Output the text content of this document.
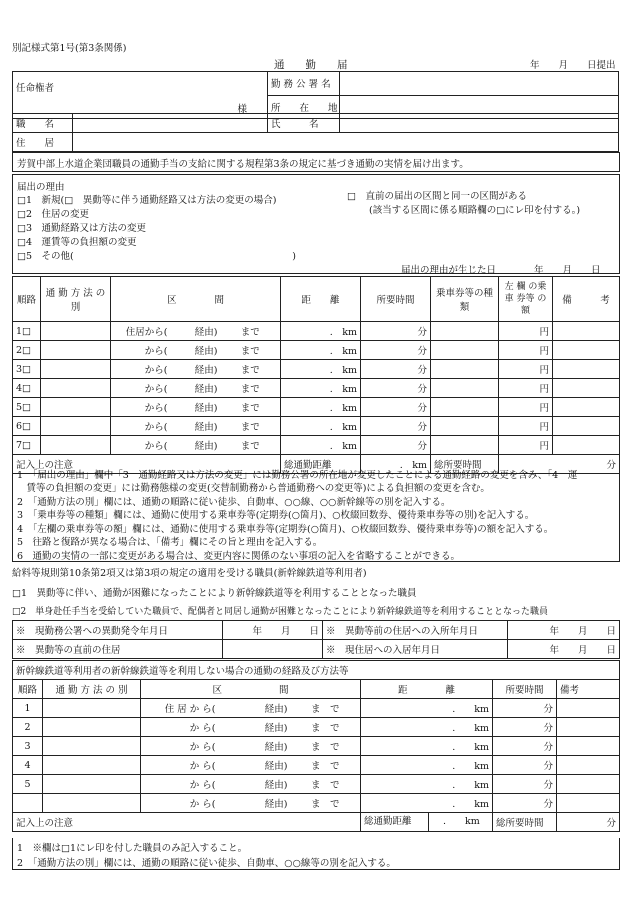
別記様式第1号(第3条関係)
通　　勤　　届	年　　月　　日提出
任命権者
様	勤 務 公 署 名	
	所　　在　　地	
職　　名		氏　　　名	
住　　居			
芳賀中部上水道企業団職員の通勤手当の支給に関する規程第3条の規定に基づき通勤の実情を届け出ます。
届出の理由
□1　新規(□　異動等に伴う通勤経路又は方法の変更の場合)
□2　住居の変更
□3　通勤経路又は方法の変更
□4　運賃等の負担額の変更
□5　その他(　　　　　　　　　　　　　　　　　　　　　　　)
□　直前の届出の区間と同一の区間がある
(該当する区間に係る順路欄の□にレ印を付する。)
届出の理由が生じた日　　　　年　　月　　日
順路	通 勤 方 法 の　　　別	区　　　　間			距　　離	所要時間	乗車券等の種　　類	左 欄 の乗 車 券等 の 額	備　　　考
1□		住居から(	経由)	まで	.　km	分		円	
2□		から(	経由)	まで	.　km	分		円	
3□		から(	経由)	まで	.　km	分		円	
4□		から(	経由)	まで	.　km	分		円	
5□		から(	経由)	まで	.　km	分		円	
6□		から(	経由)	まで	.　km	分		円	
7□		から(	経由)	まで	.　km	分		円	
記入上の注意					総通勤距離	.　km	総所要時間	分	
1　「届出の理由」欄中「3　通勤経路又は方法の変更」には勤務公署の所在地が変更したことによる通勤経路の変更を含み、「4　運
　賃等の負担額の変更」には勤務態様の変更(交替制勤務から普通勤務への変更等)による負担額の変更を含む。
2　「通勤方法の別」欄には、通勤の順路に従い徒歩、自動車、○○線、○○新幹線等の別を記入する。
3　「乗車券等の種類」欄には、通勤に使用する乗車券等(定期券(○箇月)、○枚綴回数券、優待乗車券等の別)を記入する。
4　「左欄の乗車券等の額」欄には、通勤に使用する乗車券等(定期券(○箇月)、○枚綴回数券、優待乗車券等)の額を記入する。
5　往路と復路が異なる場合は、「備考」欄にその旨と理由を記入する。
6　通勤の実情の一部に変更がある場合は、変更内容に関係のない事項の記入を省略することができる。
給料等規則第10条第2項又は第3項の規定の適用を受ける職員(新幹線鉄道等利用者)
□1　異動等に伴い、通勤が困難になったことにより新幹線鉄道等を利用することとなった職員
□2　単身赴任手当を受給していた職員で、配偶者と同居し通勤が困難となったことにより新幹線鉄道等を利用することとなった職員
※　現勤務公署への異動発令年月日	年　　月　　日	※　異動等前の住居への入所年月日	年　　月　　日
※　異動等の直前の住居		※　現住居への入居年月日	年　　月　　日
新幹線鉄道等利用者の新幹線鉄道等を利用しない場合の通勤の経路及び方法等							
順路	通 勤 方 法 の 別	区　　　　　　間			距　　　　離	所要時間	備考
1		住 居 か ら(	経由)	ま　で	.　　km	分	
2		か ら(	経由)	ま　で	.　　km	分	
3		か ら(	経由)	ま　で	.　　km	分	
4		か ら(	経由)	ま　で	.　　km	分	
5		か ら(	経由)	ま　で	.　　km	分	
		か ら(	経由)	ま　で	.　　km	分	
記入上の注意					総通勤距離 .　　km	総所要時間	分
1　※欄は□1にレ印を付した職員のみ記入すること。
2　「通勤方法の別」欄には、通勤の順路に従い徒歩、自動車、○○線等の別を記入する。
